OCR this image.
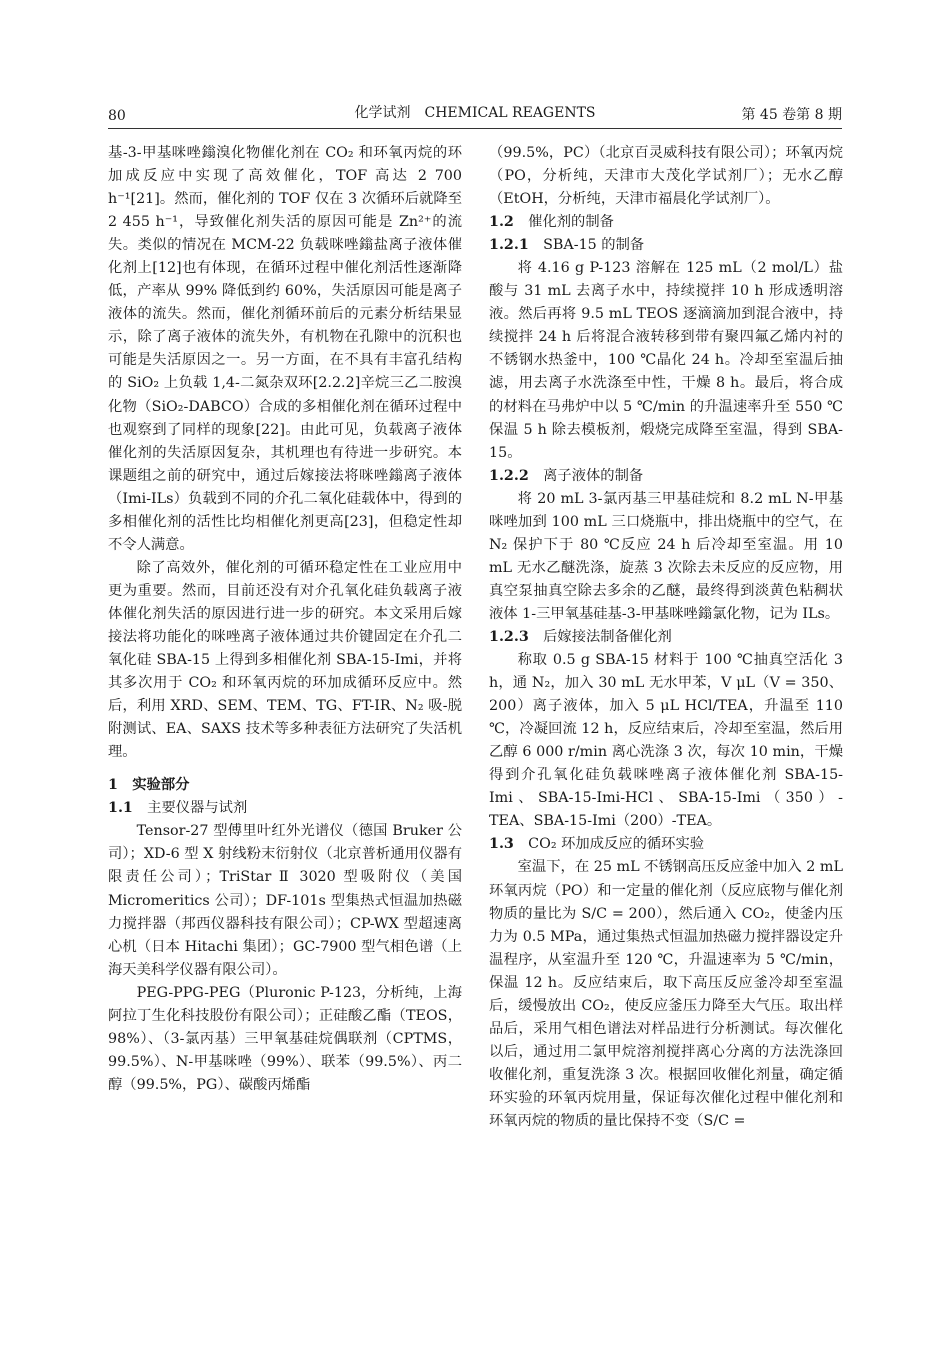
80	化学试剂　CHEMICAL REAGENTS	第 45 卷第 8 期

基-3-甲基咪唑鎓溴化物催化剂在 CO₂ 和环氧丙烷的环加成反应中实现了高效催化，TOF 高达 2 700 h⁻¹[21]。然而，催化剂的 TOF 仅在 3 次循环后就降至 2 455 h⁻¹，导致催化剂失活的原因可能是 Zn²⁺的流失。类似的情况在 MCM-22 负载咪唑鎓盐离子液体催化剂上[12]也有体现，在循环过程中催化剂活性逐渐降低，产率从 99% 降低到约 60%，失活原因可能是离子液体的流失。然而，催化剂循环前后的元素分析结果显示，除了离子液体的流失外，有机物在孔隙中的沉积也可能是失活原因之一。另一方面，在不具有丰富孔结构的 SiO₂ 上负载 1,4-二氮杂双环[2.2.2]辛烷三乙二胺溴化物（SiO₂-DABCO）合成的多相催化剂在循环过程中也观察到了同样的现象[22]。由此可见，负载离子液体催化剂的失活原因复杂，其机理也有待进一步研究。本课题组之前的研究中，通过后嫁接法将咪唑鎓离子液体（Imi-ILs）负载到不同的介孔二氧化硅载体中，得到的多相催化剂的活性比均相催化剂更高[23]，但稳定性却不令人满意。

除了高效外，催化剂的可循环稳定性在工业应用中更为重要。然而，目前还没有对介孔氧化硅负载离子液体催化剂失活的原因进行进一步的研究。本文采用后嫁接法将功能化的咪唑离子液体通过共价键固定在介孔二氧化硅 SBA-15 上得到多相催化剂 SBA-15-Imi，并将其多次用于 CO₂ 和环氧丙烷的环加成循环反应中。然后，利用 XRD、SEM、TEM、TG、FT-IR、N₂ 吸-脱附测试、EA、SAXS 技术等多种表征方法研究了失活机理。

1 实验部分
1.1 主要仪器与试剂

Tensor-27 型傅里叶红外光谱仪（德国 Bruker 公司）；XD-6 型 X 射线粉末衍射仪（北京普析通用仪器有限责任公司）；TriStar Ⅱ 3020 型吸附仪（美国 Micromeritics 公司）；DF-101s 型集热式恒温加热磁力搅拌器（邦西仪器科技有限公司）；CP-WX 型超速离心机（日本 Hitachi 集团）；GC-7900 型气相色谱（上海天美科学仪器有限公司）。

PEG-PPG-PEG（Pluronic P-123，分析纯，上海阿拉丁生化科技股份有限公司）；正硅酸乙酯（TEOS，98%）、（3-氯丙基）三甲氧基硅烷偶联剂（CPTMS，99.5%）、N-甲基咪唑（99%）、联苯（99.5%）、丙二醇（99.5%，PG）、碳酸丙烯酯

（99.5%，PC）（北京百灵威科技有限公司）；环氧丙烷（PO，分析纯，天津市大茂化学试剂厂）；无水乙醇（EtOH，分析纯，天津市福晨化学试剂厂）。

1.2 催化剂的制备
1.2.1 SBA-15 的制备

将 4.16 g P-123 溶解在 125 mL（2 mol/L）盐酸与 31 mL 去离子水中，持续搅拌 10 h 形成透明溶液。然后再将 9.5 mL TEOS 逐滴滴加到混合液中，持续搅拌 24 h 后将混合液转移到带有聚四氟乙烯内衬的不锈钢水热釜中，100 ℃晶化 24 h。冷却至室温后抽滤，用去离子水洗涤至中性，干燥 8 h。最后，将合成的材料在马弗炉中以 5 ℃/min 的升温速率升至 550 ℃保温 5 h 除去模板剂，煅烧完成降至室温，得到 SBA-15。

1.2.2 离子液体的制备

将 20 mL 3-氯丙基三甲基硅烷和 8.2 mL N-甲基咪唑加到 100 mL 三口烧瓶中，排出烧瓶中的空气，在 N₂ 保护下于 80 ℃反应 24 h 后冷却至室温。用 10 mL 无水乙醚洗涤，旋蒸 3 次除去未反应的反应物，用真空泵抽真空除去多余的乙醚，最终得到淡黄色粘稠状液体 1-三甲氧基硅基-3-甲基咪唑鎓氯化物，记为 ILs。

1.2.3 后嫁接法制备催化剂

称取 0.5 g SBA-15 材料于 100 ℃抽真空活化 3 h，通 N₂，加入 30 mL 无水甲苯，V μL（V = 350、200）离子液体，加入 5 μL HCl/TEA，升温至 110 ℃，冷凝回流 12 h，反应结束后，冷却至室温，然后用乙醇 6 000 r/min 离心洗涤 3 次，每次 10 min，干燥得到介孔氧化硅负载咪唑离子液体催化剂 SBA-15-Imi、SBA-15-Imi-HCl、SBA-15-Imi（350）-TEA、SBA-15-Imi（200）-TEA。

1.3 CO₂ 环加成反应的循环实验

室温下，在 25 mL 不锈钢高压反应釜中加入 2 mL 环氧丙烷（PO）和一定量的催化剂（反应底物与催化剂物质的量比为 S/C = 200），然后通入 CO₂，使釜内压力为 0.5 MPa，通过集热式恒温加热磁力搅拌器设定升温程序，从室温升至 120 ℃，升温速率为 5 ℃/min，保温 12 h。反应结束后，取下高压反应釜冷却至室温后，缓慢放出 CO₂，使反应釜压力降至大气压。取出样品后，采用气相色谱法对样品进行分析测试。每次催化以后，通过用二氯甲烷溶剂搅拌离心分离的方法洗涤回收催化剂，重复洗涤 3 次。根据回收催化剂量，确定循环实验的环氧丙烷用量，保证每次催化过程中催化剂和环氧丙烷的物质的量比保持不变（S/C =
